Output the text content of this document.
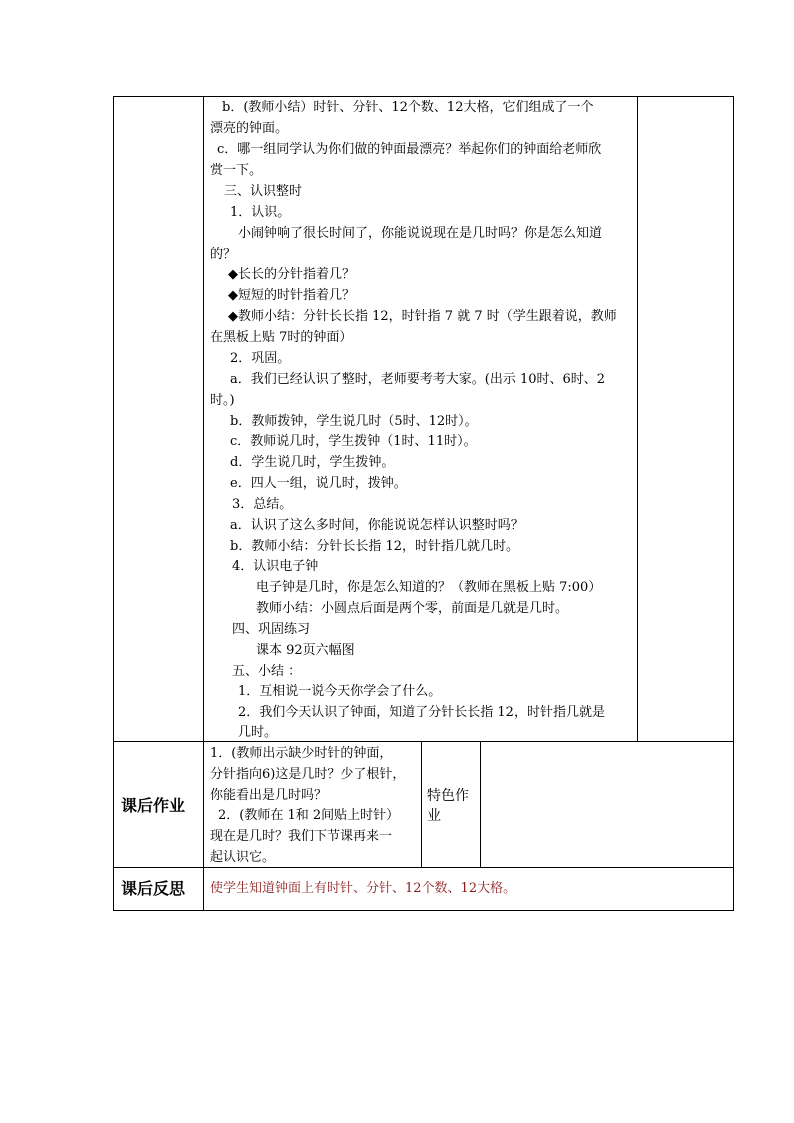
b．(教师小结）时针、分针、12个数、12大格，它们组成了一个
漂亮的钟面。
c．哪一组同学认为你们做的钟面最漂亮？举起你们的钟面给老师欣
赏一下。
三、认识整时
1．认识。
小闹钟响了很长时间了，你能说说现在是几时吗？你是怎么知道
的？
◆长长的分针指着几？
◆短短的时针指着几？
◆教师小结：分针长长指 12，时针指 7 就 7 时（学生跟着说，教师
在黑板上贴 7时的钟面）
2．巩固。
a．我们已经认识了整时，老师要考考大家。(出示 10时、6时、2
时。)
b．教师拨钟，学生说几时（5时、12时）。
c．教师说几时，学生拨钟（1时、11时）。
d．学生说几时，学生拨钟。
e．四人一组，说几时，拨钟。
3．总结。
a．认识了这么多时间，你能说说怎样认识整时吗？
b．教师小结：分针长长指 12，时针指几就几时。
4．认识电子钟
电子钟是几时，你是怎么知道的？（教师在黑板上贴 7:00）
教师小结：小圆点后面是两个零，前面是几就是几时。
四、巩固练习
课本 92页六幅图
五、小结 ：
1．互相说一说今天你学会了什么。
2．我们今天认识了钟面，知道了分针长长指 12，时针指几就是
几时。
课后作业
1．(教师出示缺少时针的钟面，
分针指向6)这是几时？少了根针，
你能看出是几时吗？
2．(教师在 1和 2间贴上时针）
现在是几时？我们下节课再来一
起认识它。
特色作
业
课后反思 使学生知道钟面上有时针、分针、12个数、12大格。
